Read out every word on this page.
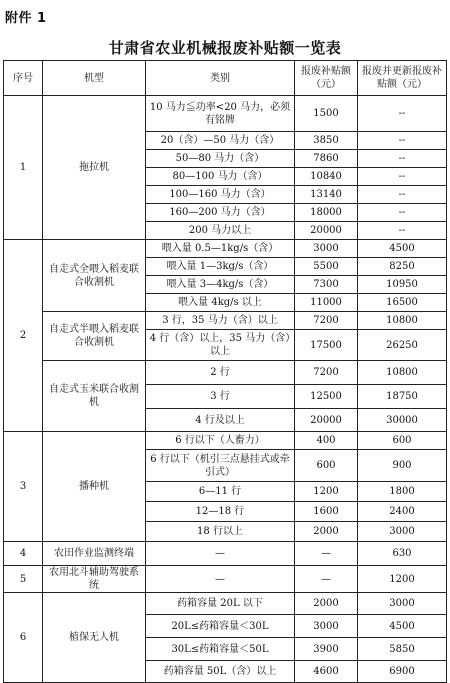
附件 1
甘肃省农业机械报废补贴额一览表
序号	机型	类别	报废补贴额（元）	报废并更新报废补贴额（元）
1	拖拉机	10 马力≦功率<20 马力，必须有铭牌	1500	--
		20（含）—50 马力（含）	3850	--
		50—80 马力（含）	7860	--
		80—100 马力（含）	10840	--
		100—160 马力（含）	13140	--
		160—200 马力（含）	18000	--
		200 马力以上	20000	--
2	自走式全喂入稻麦联合收割机	喂入量 0.5—1kg/s（含）	3000	4500
		喂入量 1—3kg/s（含）	5500	8250
		喂入量 3—4kg/s（含）	7300	10950
		喂入量 4kg/s 以上	11000	16500
	自走式半喂入稻麦联合收割机	3 行，35 马力（含）以上	7200	10800
		4 行（含）以上，35 马力（含）以上	17500	26250
	自走式玉米联合收割机	2 行	7200	10800
		3 行	12500	18750
		4 行及以上	20000	30000
3	播种机	6 行以下（人畜力）	400	600
		6 行以下（机引三点悬挂式或牵引式）	600	900
		6—11 行	1200	1800
		12—18 行	1600	2400
		18 行以上	2000	3000
4	农田作业监测终端	—	—	630
5	农用北斗辅助驾驶系统	—	—	1200
6	植保无人机	药箱容量 20L 以下	2000	3000
		20L≤药箱容量＜30L	3000	4500
		30L≤药箱容量＜50L	3900	5850
		药箱容量 50L（含）以上	4600	6900
